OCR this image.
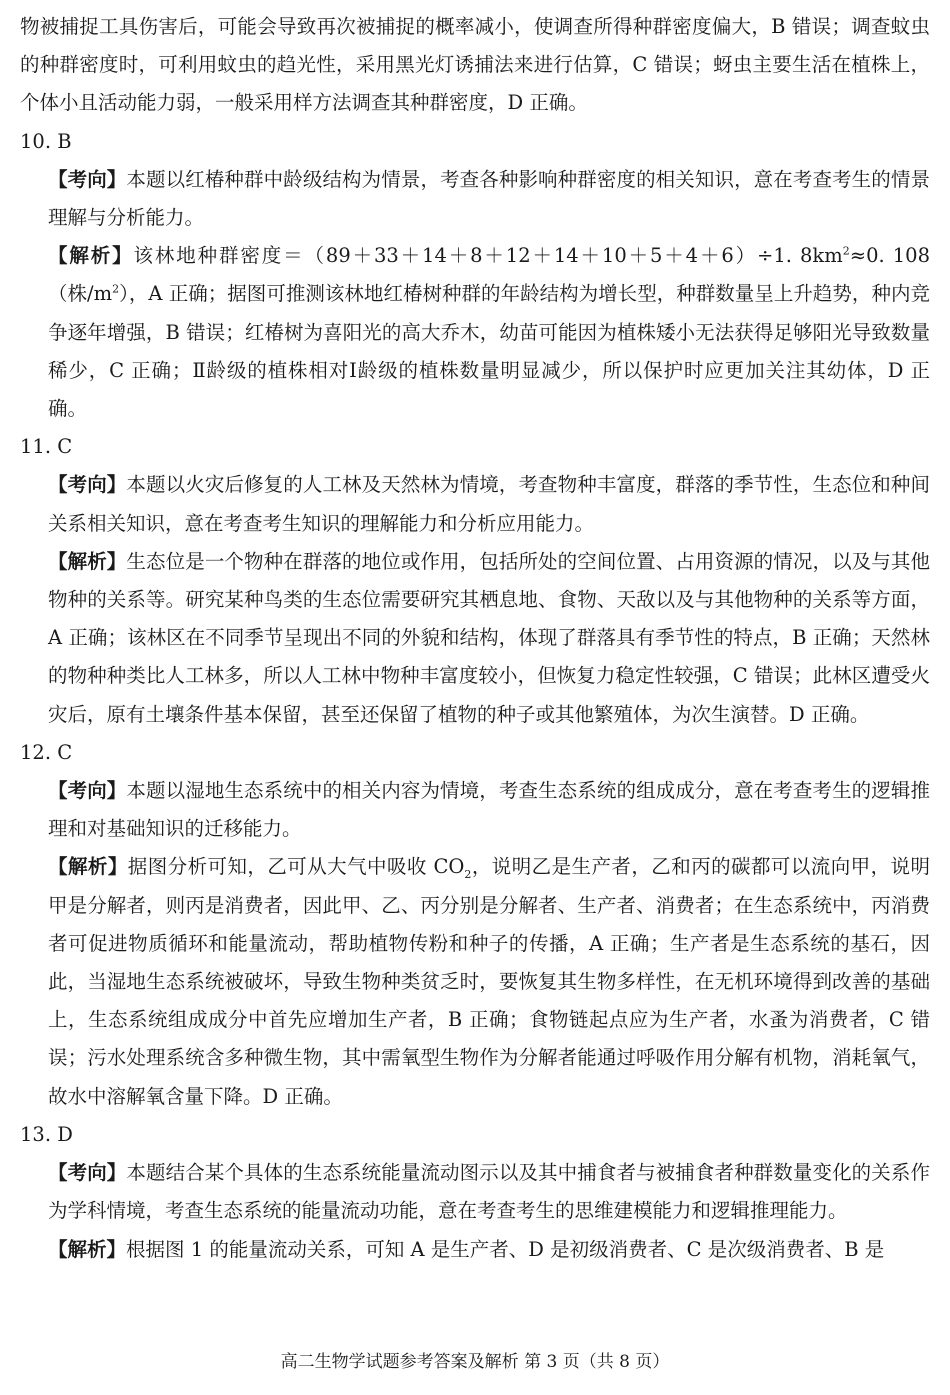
物被捕捉工具伤害后，可能会导致再次被捕捉的概率减小，使调查所得种群密度偏大，B 错误；调查蚊虫的种群密度时，可利用蚊虫的趋光性，采用黑光灯诱捕法来进行估算，C 错误；蚜虫主要生活在植株上，个体小且活动能力弱，一般采用样方法调查其种群密度，D 正确。

10. B

【考向】本题以红椿种群中龄级结构为情景，考查各种影响种群密度的相关知识，意在考查考生的情景理解与分析能力。

【解析】该林地种群密度＝（89＋33＋14＋8＋12＋14＋10＋5＋4＋6）÷1. $8km^2\approx 0$. 108（株$/m^2$），A 正确；据图可推测该林地红椿树种群的年龄结构为增长型，种群数量呈上升趋势，种内竞争逐年增强，B 错误；红椿树为喜阳光的高大乔木，幼苗可能因为植株矮小无法获得足够阳光导致数量稀少，C 正确；Ⅱ龄级的植株相对Ⅰ龄级的植株数量明显减少，所以保护时应更加关注其幼体，D 正确。

11. C

【考向】本题以火灾后修复的人工林及天然林为情境，考查物种丰富度，群落的季节性，生态位和种间关系相关知识，意在考查考生知识的理解能力和分析应用能力。

【解析】生态位是一个物种在群落的地位或作用，包括所处的空间位置、占用资源的情况，以及与其他物种的关系等。研究某种鸟类的生态位需要研究其栖息地、食物、天敌以及与其他物种的关系等方面，A 正确；该林区在不同季节呈现出不同的外貌和结构，体现了群落具有季节性的特点，B 正确；天然林的物种种类比人工林多，所以人工林中物种丰富度较小，但恢复力稳定性较强，C 错误；此林区遭受火灾后，原有土壤条件基本保留，甚至还保留了植物的种子或其他繁殖体，为次生演替。D 正确。

12. C

【考向】本题以湿地生态系统中的相关内容为情境，考查生态系统的组成成分，意在考查考生的逻辑推理和对基础知识的迁移能力。

【解析】据图分析可知，乙可从大气中吸收 $CO_2$，说明乙是生产者，乙和丙的碳都可以流向甲，说明甲是分解者，则丙是消费者，因此甲、乙、丙分别是分解者、生产者、消费者；在生态系统中，丙消费者可促进物质循环和能量流动，帮助植物传粉和种子的传播，A 正确；生产者是生态系统的基石，因此，当湿地生态系统被破坏，导致生物种类贫乏时，要恢复其生物多样性，在无机环境得到改善的基础上，生态系统组成成分中首先应增加生产者，B 正确；食物链起点应为生产者，水蚤为消费者，C 错误；污水处理系统含多种微生物，其中需氧型生物作为分解者能通过呼吸作用分解有机物，消耗氧气，故水中溶解氧含量下降。D 正确。

13. D

【考向】本题结合某个具体的生态系统能量流动图示以及其中捕食者与被捕食者种群数量变化的关系作为学科情境，考查生态系统的能量流动功能，意在考查考生的思维建模能力和逻辑推理能力。

【解析】根据图 1 的能量流动关系，可知 A 是生产者、D 是初级消费者、C 是次级消费者、B 是

高二生物学试题参考答案及解析 第 3 页（共 8 页）
